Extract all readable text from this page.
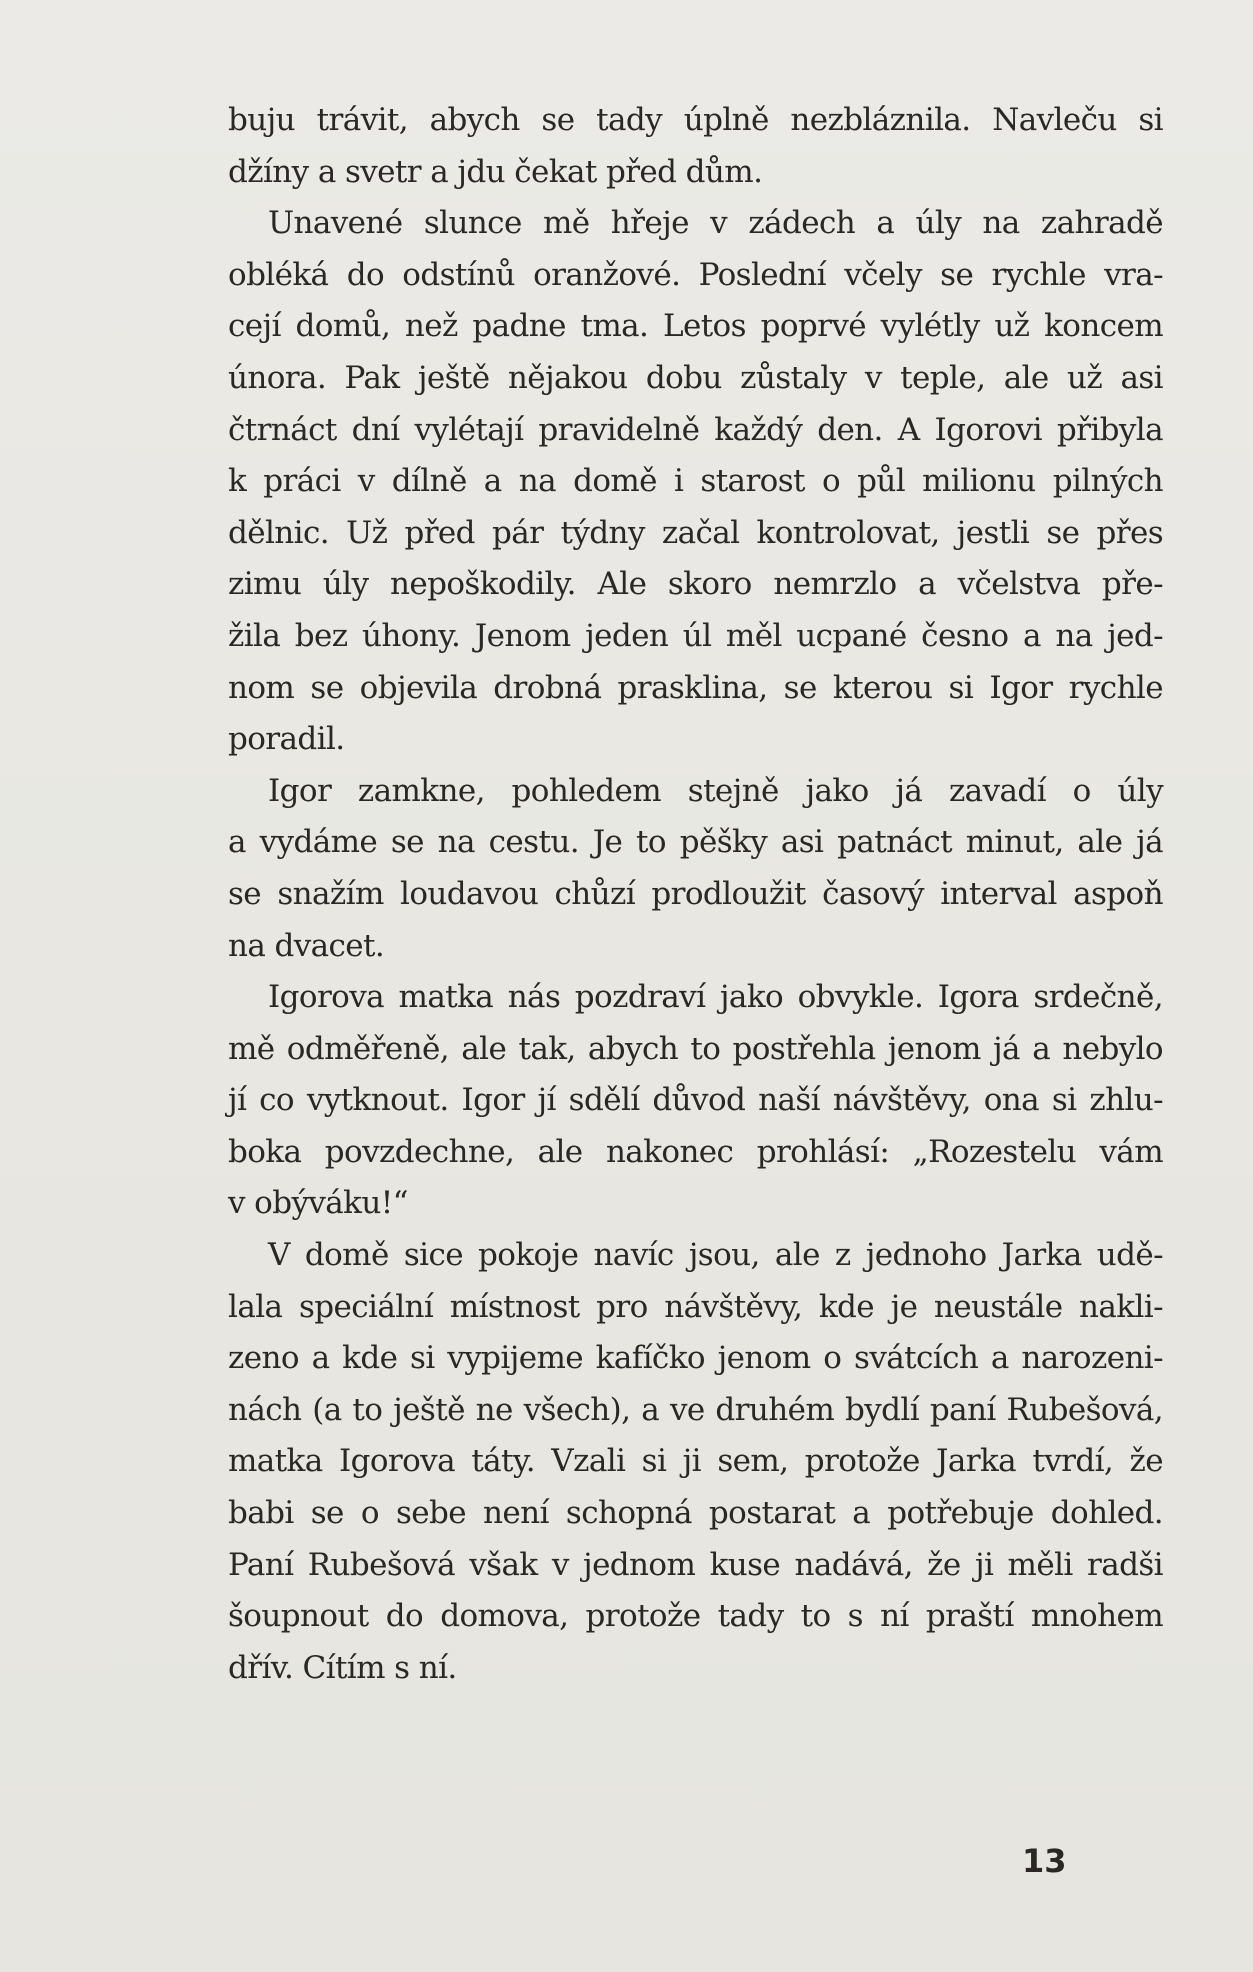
buju trávit, abych se tady úplně nezbláznila. Navleču si
džíny a svetr a jdu čekat před dům.
Unavené slunce mě hřeje v zádech a úly na zahradě
obléká do odstínů oranžové. Poslední včely se rychle vra-
cejí domů, než padne tma. Letos poprvé vylétly už koncem
února. Pak ještě nějakou dobu zůstaly v teple, ale už asi
čtrnáct dní vylétají pravidelně každý den. A Igorovi přibyla
k práci v dílně a na domě i starost o půl milionu pilných
dělnic. Už před pár týdny začal kontrolovat, jestli se přes
zimu úly nepoškodily. Ale skoro nemrzlo a včelstva pře-
žila bez úhony. Jenom jeden úl měl ucpané česno a na jed-
nom se objevila drobná prasklina, se kterou si Igor rychle
poradil.
Igor zamkne, pohledem stejně jako já zavadí o úly
a vydáme se na cestu. Je to pěšky asi patnáct minut, ale já
se snažím loudavou chůzí prodloužit časový interval aspoň
na dvacet.
Igorova matka nás pozdraví jako obvykle. Igora srdečně,
mě odměřeně, ale tak, abych to postřehla jenom já a nebylo
jí co vytknout. Igor jí sdělí důvod naší návštěvy, ona si zhlu-
boka povzdechne, ale nakonec prohlásí: „Rozestelu vám
v obýváku!“
V domě sice pokoje navíc jsou, ale z jednoho Jarka udě-
lala speciální místnost pro návštěvy, kde je neustále nakli-
zeno a kde si vypijeme kafíčko jenom o svátcích a narozeni-
nách (a to ještě ne všech), a ve druhém bydlí paní Rubešová,
matka Igorova táty. Vzali si ji sem, protože Jarka tvrdí, že
babi se o sebe není schopná postarat a potřebuje dohled.
Paní Rubešová však v jednom kuse nadává, že ji měli radši
šoupnout do domova, protože tady to s ní praští mnohem
dřív. Cítím s ní.
13
